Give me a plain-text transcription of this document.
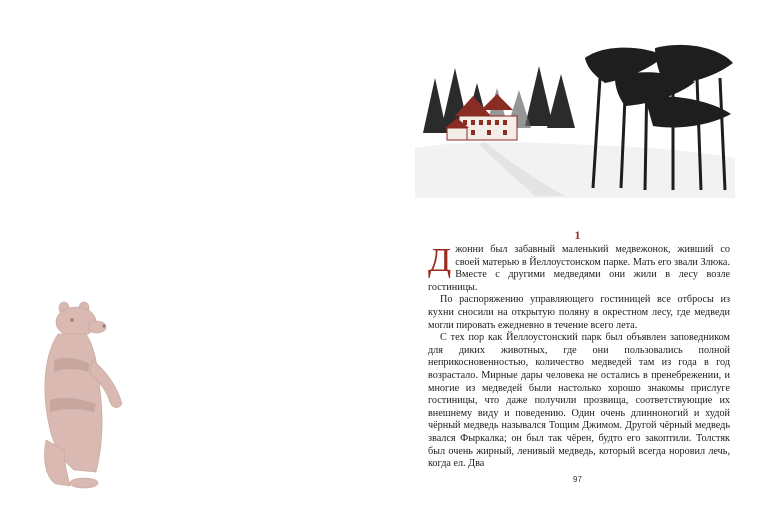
1

Джонни был забавный маленький медвежонок, живший со своей матерью в Йеллоустонском парке. Мать его звали Злюка. Вместе с другими медведями они жили в лесу возле гостиницы.

По распоряжению управляющего гостиницей все отбросы из кухни сносили на открытую поляну в окрестном лесу, где медведи могли пировать ежедневно в течение всего лета.

С тех пор как Йеллоустонский парк был объявлен заповедником для диких животных, где они пользовались полной неприкосновенностью, количество медведей там из года в год возрастало. Мирные дары человека не остались в пренебрежении, и многие из медведей были настолько хорошо знакомы прислуге гостиницы, что даже получили прозвища, соответствующие их внешнему виду и поведению. Один очень длинноногий и худой чёрный медведь назывался Тощим Джимом. Другой чёрный медведь звался Фыркалка; он был так чёрен, будто его закоптили. Толстяк был очень жирный, ленивый медведь, который всегда норовил лечь, когда ел. Два

97
